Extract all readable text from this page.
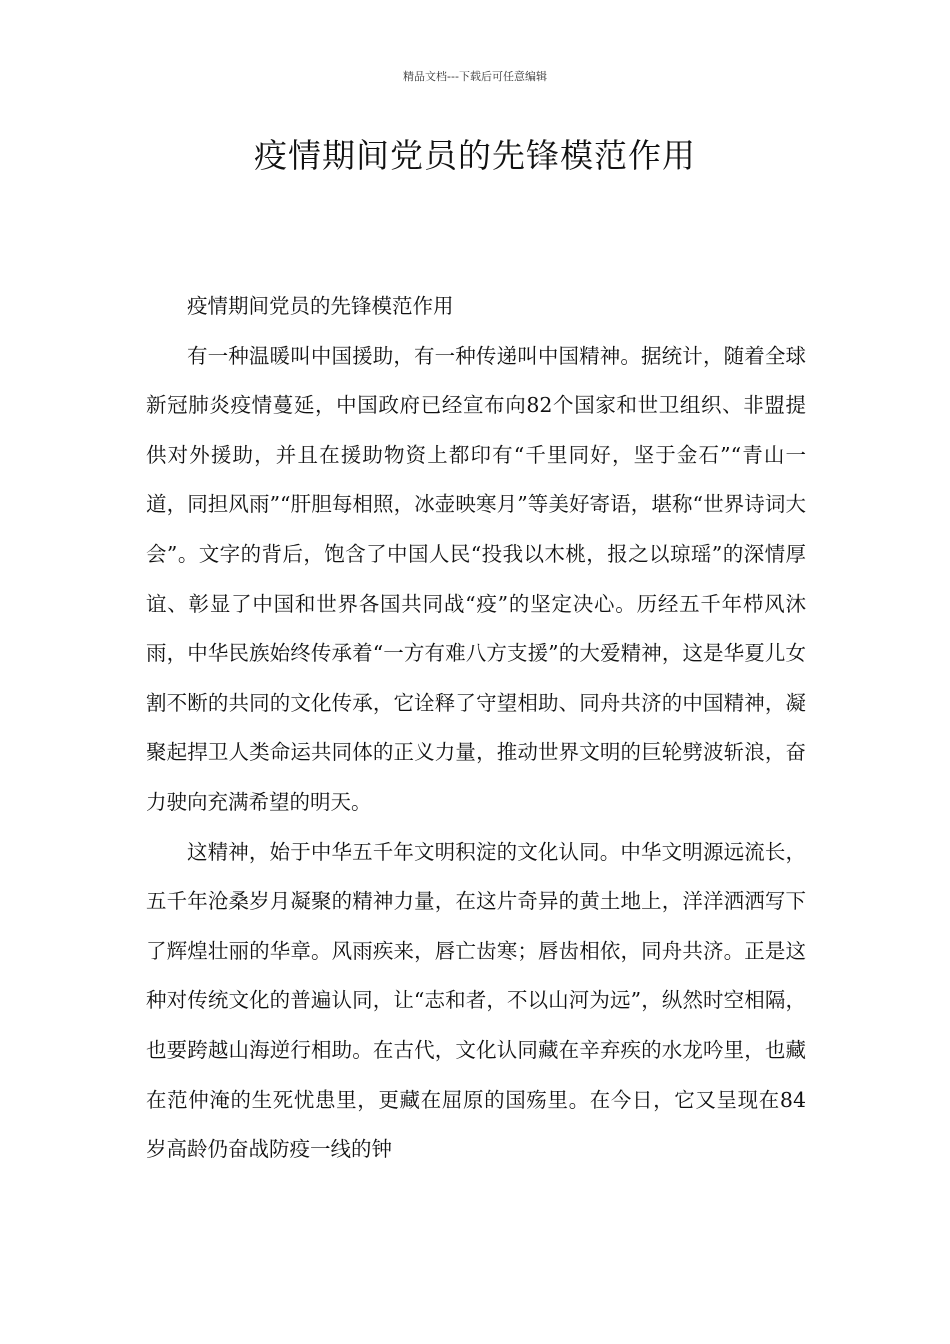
精品文档---下载后可任意编辑
疫情期间党员的先锋模范作用

疫情期间党员的先锋模范作用

有一种温暖叫中国援助，有一种传递叫中国精神。据统计，随着全球新冠肺炎疫情蔓延，中国政府已经宣布向82个国家和世卫组织、非盟提供对外援助，并且在援助物资上都印有“千里同好，坚于金石”“青山一道，同担风雨”“肝胆每相照，冰壶映寒月”等美好寄语，堪称“世界诗词大会”。文字的背后，饱含了中国人民“投我以木桃，报之以琼瑶”的深情厚谊、彰显了中国和世界各国共同战“疫”的坚定决心。历经五千年栉风沐雨，中华民族始终传承着“一方有难八方支援”的大爱精神，这是华夏儿女割不断的共同的文化传承，它诠释了守望相助、同舟共济的中国精神，凝聚起捍卫人类命运共同体的正义力量，推动世界文明的巨轮劈波斩浪，奋力驶向充满希望的明天。

这精神，始于中华五千年文明积淀的文化认同。中华文明源远流长，五千年沧桑岁月凝聚的精神力量，在这片奇异的黄土地上，洋洋洒洒写下了辉煌壮丽的华章。风雨疾来，唇亡齿寒；唇齿相依，同舟共济。正是这种对传统文化的普遍认同，让“志和者，不以山河为远”，纵然时空相隔，也要跨越山海逆行相助。在古代，文化认同藏在辛弃疾的水龙吟里，也藏在范仲淹的生死忧患里，更藏在屈原的国殇里。在今日，它又呈现在84岁高龄仍奋战防疫一线的钟
